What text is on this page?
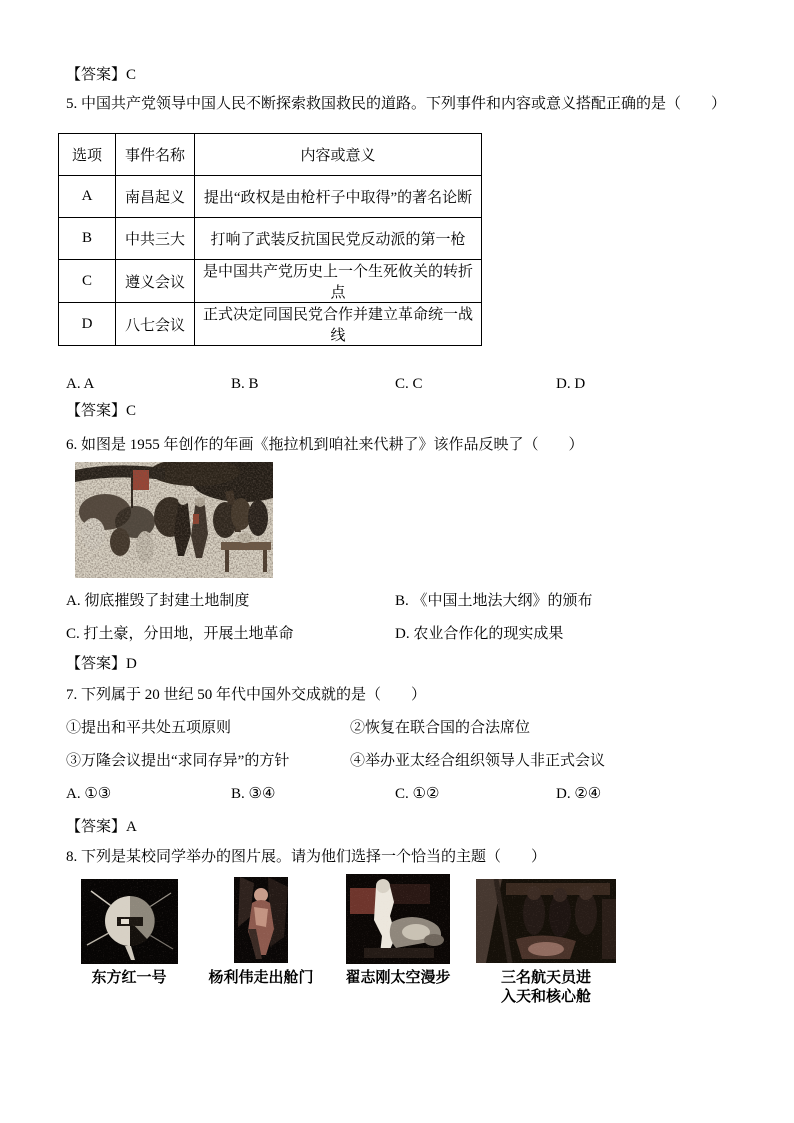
【答案】C
5. 中国共产党领导中国人民不断探索救国救民的道路。下列事件和内容或意义搭配正确的是（　　）
选项	事件名称	内容或意义
A	南昌起义	提出“政权是由枪杆子中取得”的著名论断
B	中共三大	打响了武装反抗国民党反动派的第一枪
C	遵义会议	是中国共产党历史上一个生死攸关的转折点
D	八七会议	正式决定同国民党合作并建立革命统一战线
A. A	B. B	C. C	D. D
【答案】C
6. 如图是 1955 年创作的年画《拖拉机到咱社来代耕了》该作品反映了（　　）
A. 彻底摧毁了封建土地制度	B. 《中国土地法大纲》的颁布
C. 打土豪，分田地，开展土地革命	D. 农业合作化的现实成果
【答案】D
7. 下列属于 20 世纪 50 年代中国外交成就的是（　　）
①提出和平共处五项原则	②恢复在联合国的合法席位
③万隆会议提出“求同存异”的方针	④举办亚太经合组织领导人非正式会议
A. ①③	B. ③④	C. ①②	D. ②④
【答案】A
8. 下列是某校同学举办的图片展。请为他们选择一个恰当的主题（　　）
东方红一号	杨利伟走出舱门	翟志刚太空漫步	三名航天员进
入天和核心舱
